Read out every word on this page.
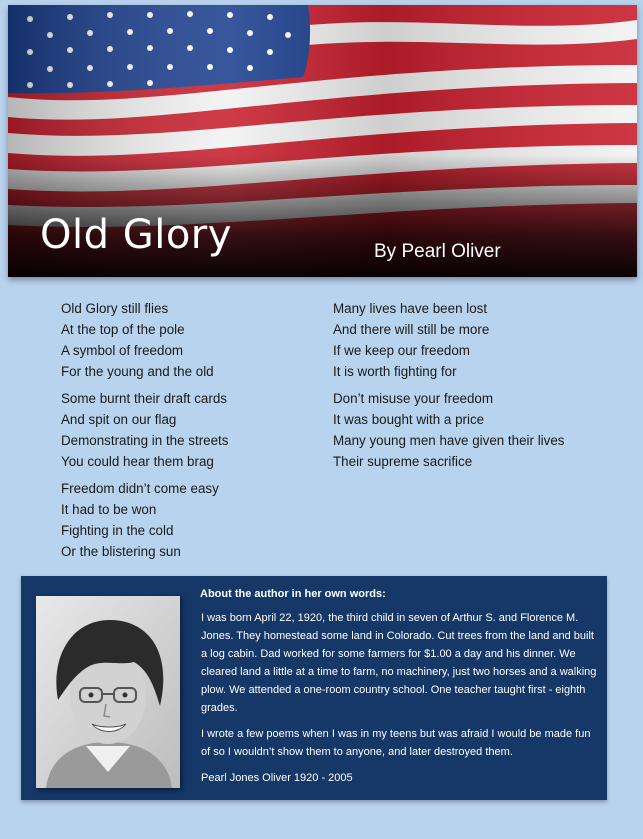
Old Glory	By Pearl Oliver
Old Glory still flies
At the top of the pole
A symbol of freedom
For the young and the old
Some burnt their draft cards
And spit on our flag
Demonstrating in the streets
You could hear them brag
Freedom didn’t come easy
It had to be won
Fighting in the cold
Or the blistering sun
Many lives have been lost
And there will still be more
If we keep our freedom
It is worth fighting for
Don’t misuse your freedom
It was bought with a price
Many young men have given their lives
Their supreme sacrifice
About the author in her own words:

I was born April 22, 1920, the third child in seven of Arthur S. and Florence M. Jones. They homestead some land in Colorado. Cut trees from the land and built a log cabin. Dad worked for some farmers for $1.00 a day and his dinner. We cleared land a little at a time to farm, no machinery, just two horses and a walking plow. We attended a one-room country school. One teacher taught first - eighth grades.

I wrote a few poems when I was in my teens but was afraid I would be made fun of so I wouldn’t show them to anyone, and later destroyed them.

Pearl Jones Oliver 1920 - 2005
